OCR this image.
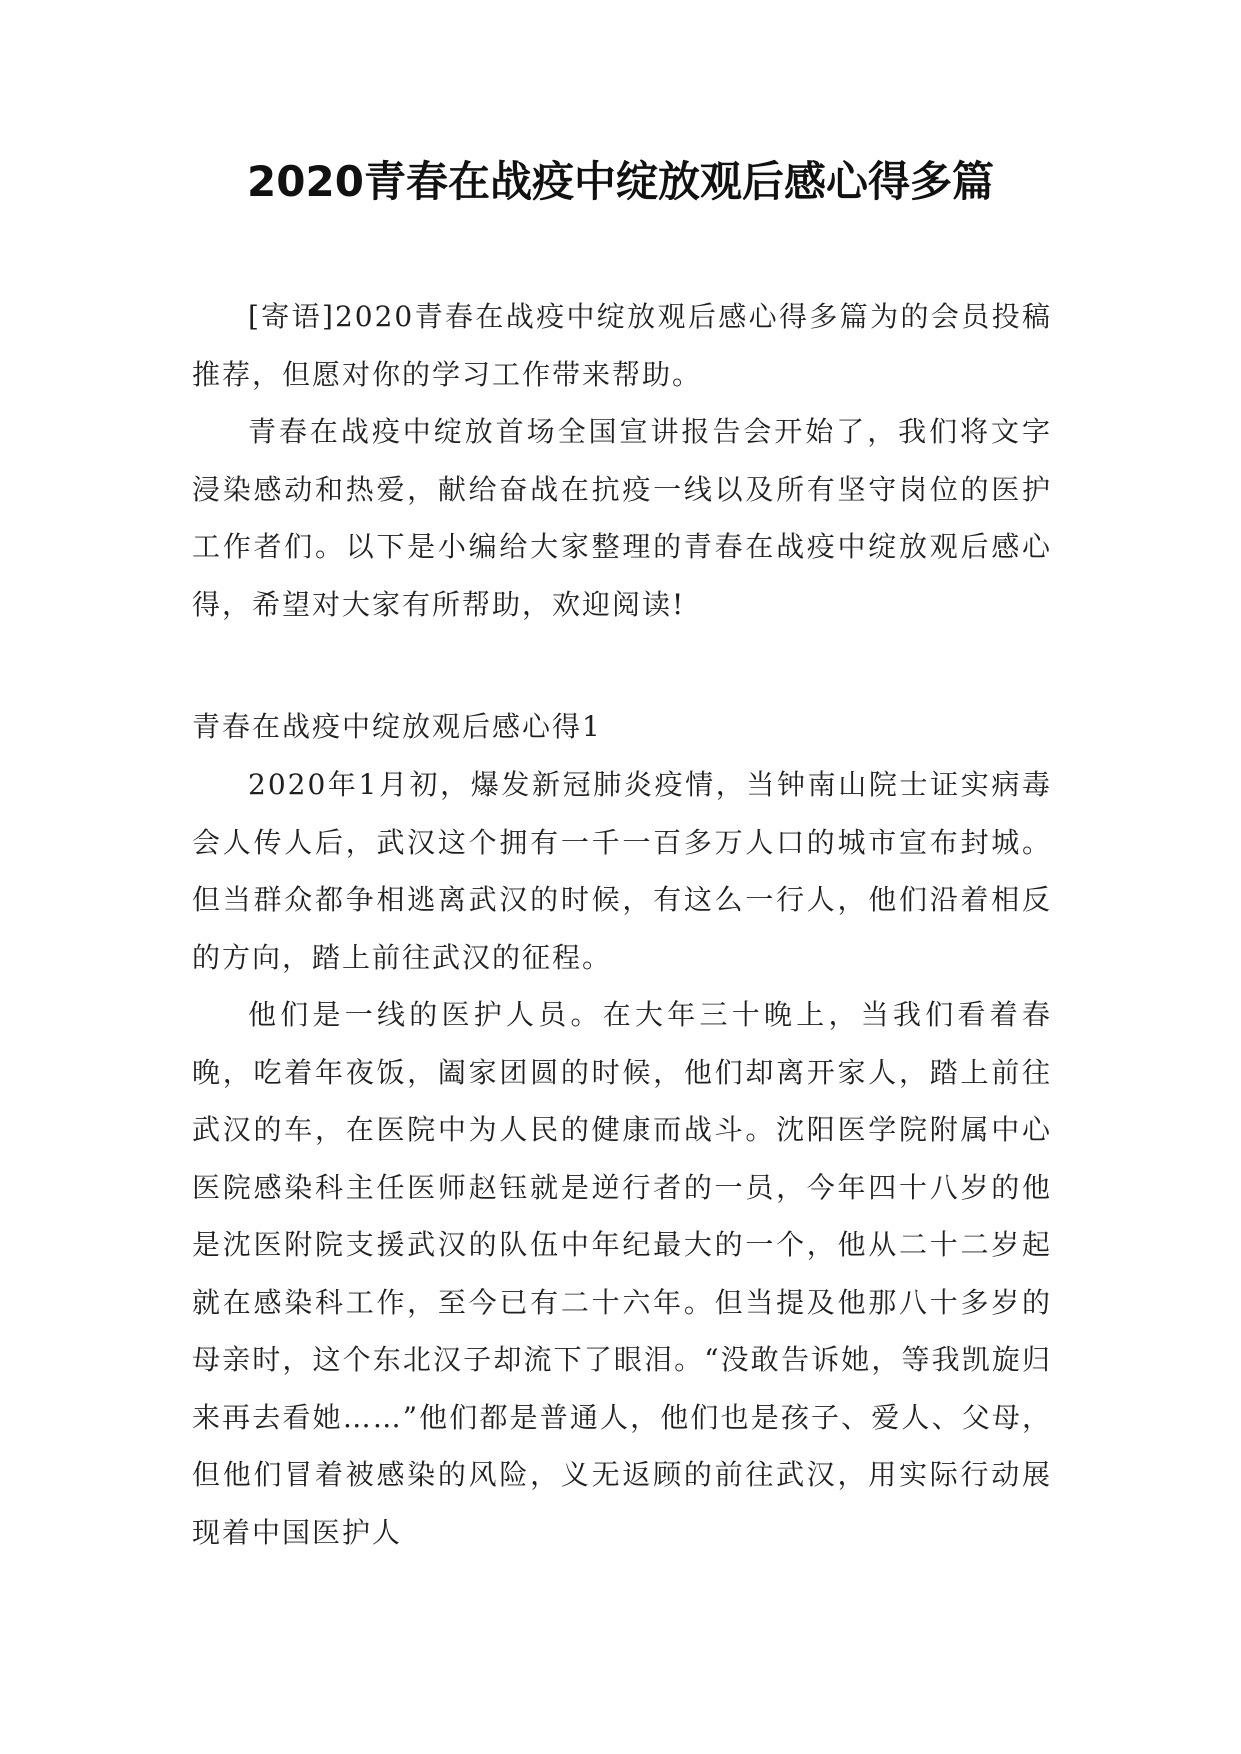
2020青春在战疫中绽放观后感心得多篇

[寄语]2020青春在战疫中绽放观后感心得多篇为的会员投稿推荐，但愿对你的学习工作带来帮助。

青春在战疫中绽放首场全国宣讲报告会开始了，我们将文字浸染感动和热爱，献给奋战在抗疫一线以及所有坚守岗位的医护工作者们。以下是小编给大家整理的青春在战疫中绽放观后感心得，希望对大家有所帮助，欢迎阅读!

青春在战疫中绽放观后感心得1

2020年1月初，爆发新冠肺炎疫情，当钟南山院士证实病毒会人传人后，武汉这个拥有一千一百多万人口的城市宣布封城。但当群众都争相逃离武汉的时候，有这么一行人，他们沿着相反的方向，踏上前往武汉的征程。

他们是一线的医护人员。在大年三十晚上，当我们看着春晚，吃着年夜饭，阖家团圆的时候，他们却离开家人，踏上前往武汉的车，在医院中为人民的健康而战斗。沈阳医学院附属中心医院感染科主任医师赵钰就是逆行者的一员，今年四十八岁的他是沈医附院支援武汉的队伍中年纪最大的一个，他从二十二岁起就在感染科工作，至今已有二十六年。但当提及他那八十多岁的母亲时，这个东北汉子却流下了眼泪。“没敢告诉她，等我凯旋归来再去看她……”他们都是普通人，他们也是孩子、爱人、父母，但他们冒着被感染的风险，义无返顾的前往武汉，用实际行动展现着中国医护人
